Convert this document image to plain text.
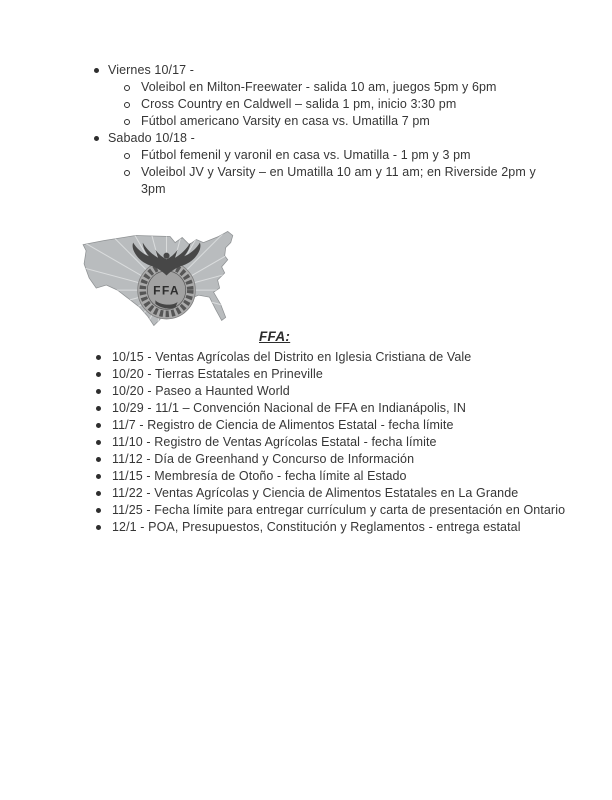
Viernes 10/17 -
Voleibol en Milton-Freewater - salida 10 am, juegos 5pm y 6pm
Cross Country en Caldwell – salida 1 pm, inicio 3:30 pm
Fútbol americano Varsity en casa vs. Umatilla 7 pm
Sabado 10/18 -
Fútbol femenil y varonil en casa vs. Umatilla - 1 pm y 3 pm
Voleibol JV y Varsity – en Umatilla 10 am y 11 am; en Riverside 2pm y 3pm
FFA
FFA:
10/15 - Ventas Agrícolas del Distrito en Iglesia Cristiana de Vale
10/20 - Tierras Estatales en Prineville
10/20 - Paseo a Haunted World
10/29 - 11/1 – Convención Nacional de FFA en Indianápolis, IN
11/7 - Registro de Ciencia de Alimentos Estatal - fecha límite
11/10 - Registro de Ventas Agrícolas Estatal - fecha límite
11/12 - Día de Greenhand y Concurso de Información
11/15 - Membresía de Otoño - fecha límite al Estado
11/22 - Ventas Agrícolas y Ciencia de Alimentos Estatales en La Grande
11/25 - Fecha límite para entregar currículum y carta de presentación en Ontario
12/1 - POA, Presupuestos, Constitución y Reglamentos - entrega estatal
